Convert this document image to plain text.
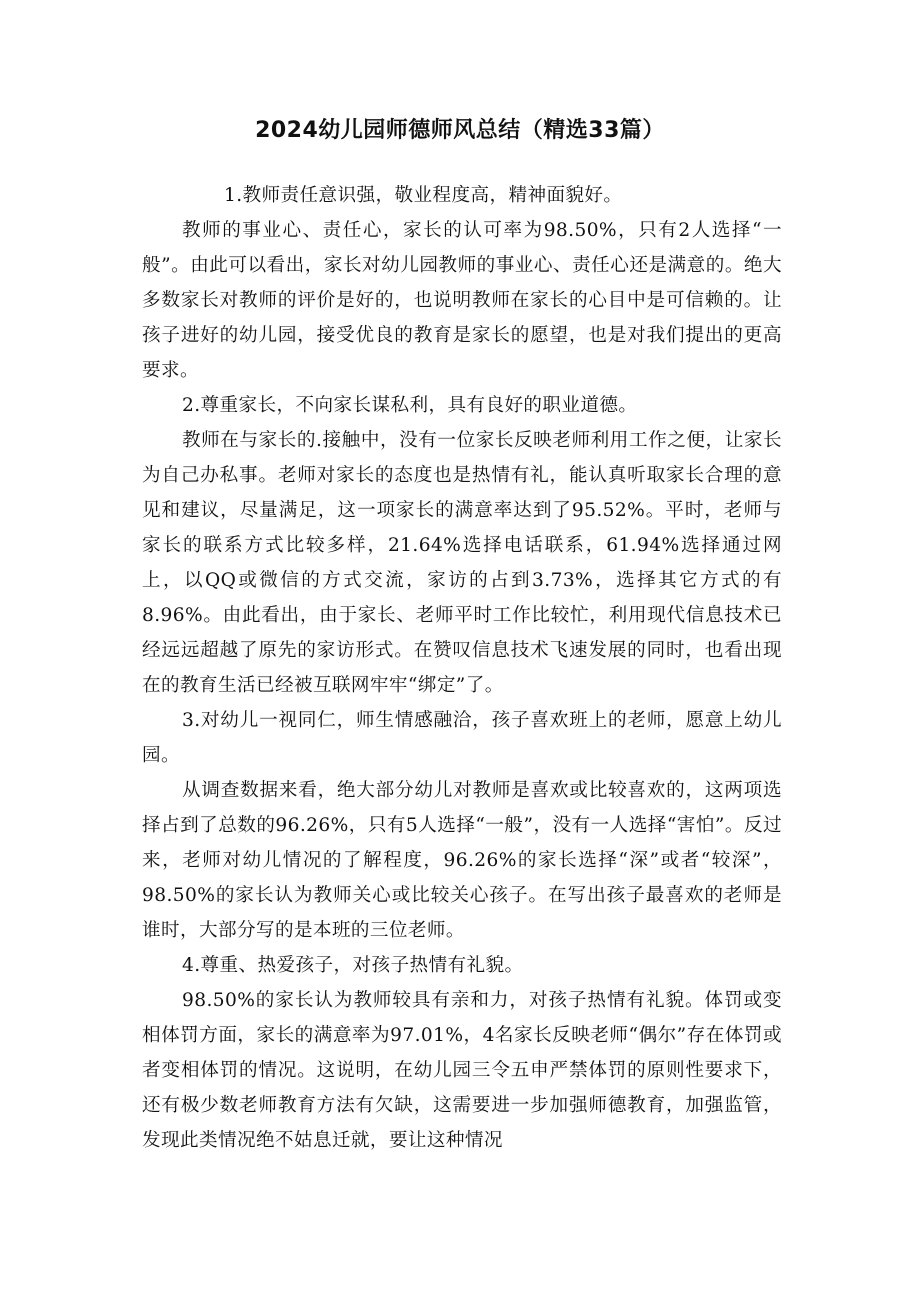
2024幼儿园师德师风总结（精选33篇）

1.教师责任意识强，敬业程度高，精神面貌好。

教师的事业心、责任心，家长的认可率为98.50%，只有2人选择“一般”。由此可以看出，家长对幼儿园教师的事业心、责任心还是满意的。绝大多数家长对教师的评价是好的，也说明教师在家长的心目中是可信赖的。让孩子进好的幼儿园，接受优良的教育是家长的愿望，也是对我们提出的更高要求。

2.尊重家长，不向家长谋私利，具有良好的职业道德。

教师在与家长的.接触中，没有一位家长反映老师利用工作之便，让家长为自己办私事。老师对家长的态度也是热情有礼，能认真听取家长合理的意见和建议，尽量满足，这一项家长的满意率达到了95.52%。平时，老师与家长的联系方式比较多样，21.64%选择电话联系，61.94%选择通过网上，以QQ或微信的方式交流，家访的占到3.73%，选择其它方式的有8.96%。由此看出，由于家长、老师平时工作比较忙，利用现代信息技术已经远远超越了原先的家访形式。在赞叹信息技术飞速发展的同时，也看出现在的教育生活已经被互联网牢牢“绑定”了。

3.对幼儿一视同仁，师生情感融洽，孩子喜欢班上的老师，愿意上幼儿园。

从调查数据来看，绝大部分幼儿对教师是喜欢或比较喜欢的，这两项选择占到了总数的96.26%，只有5人选择“一般”，没有一人选择“害怕”。反过来，老师对幼儿情况的了解程度，96.26%的家长选择“深”或者“较深”，98.50%的家长认为教师关心或比较关心孩子。在写出孩子最喜欢的老师是谁时，大部分写的是本班的三位老师。

4.尊重、热爱孩子，对孩子热情有礼貌。

98.50%的家长认为教师较具有亲和力，对孩子热情有礼貌。体罚或变相体罚方面，家长的满意率为97.01%，4名家长反映老师“偶尔”存在体罚或者变相体罚的情况。这说明，在幼儿园三令五申严禁体罚的原则性要求下，还有极少数老师教育方法有欠缺，这需要进一步加强师德教育，加强监管，发现此类情况绝不姑息迁就，要让这种情况
